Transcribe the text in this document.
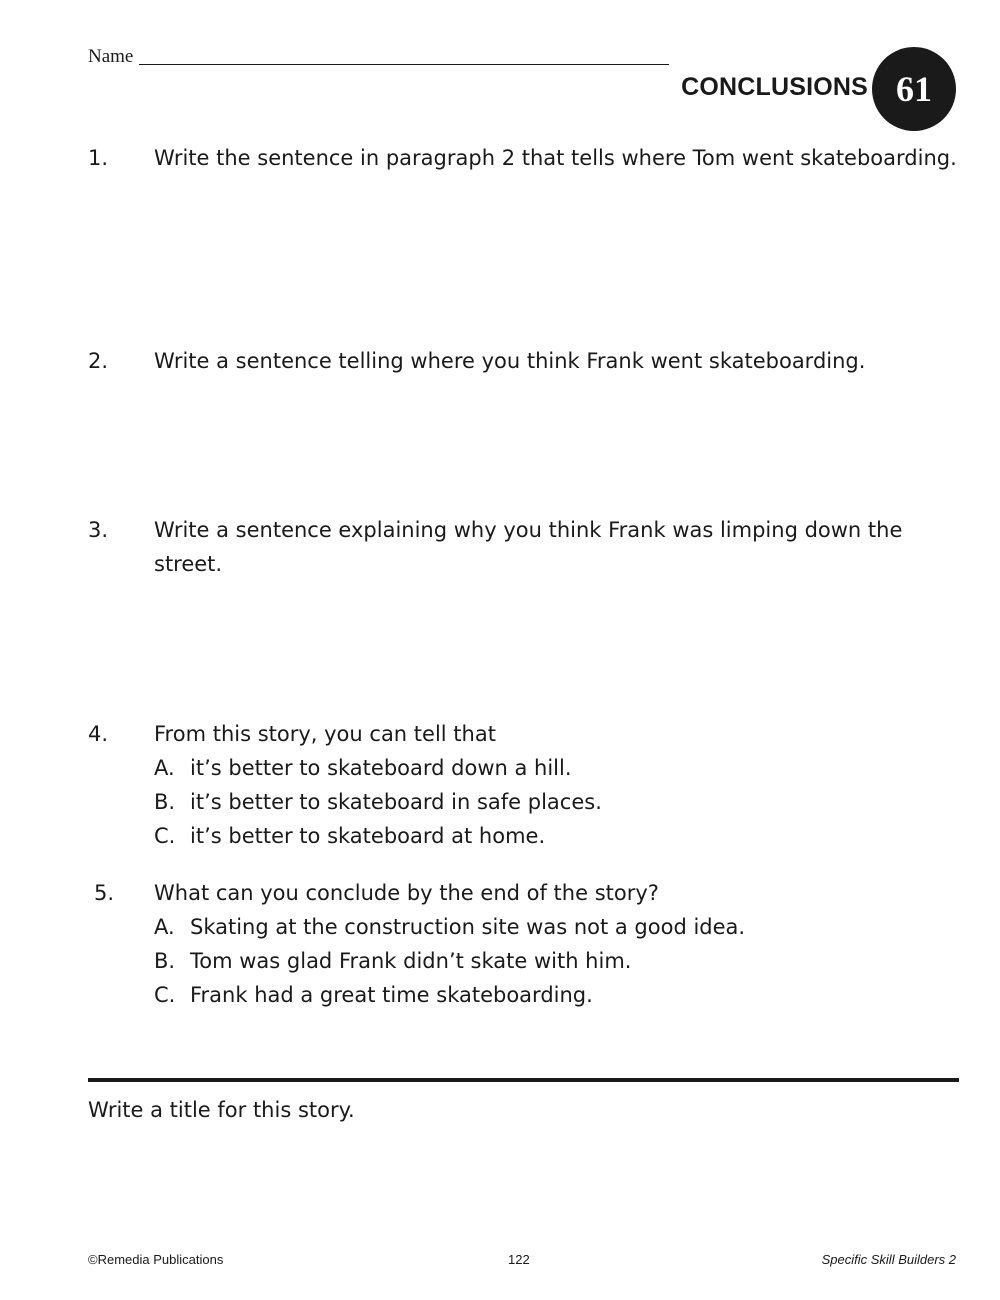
Name
CONCLUSIONS 61
1. Write the sentence in paragraph 2 that tells where Tom went skateboarding.
2. Write a sentence telling where you think Frank went skateboarding.
3. Write a sentence explaining why you think Frank was limping down the street.
4. From this story, you can tell that
A. it’s better to skateboard down a hill.
B. it’s better to skateboard in safe places.
C. it’s better to skateboard at home.
5. What can you conclude by the end of the story?
A. Skating at the construction site was not a good idea.
B. Tom was glad Frank didn’t skate with him.
C. Frank had a great time skateboarding.
Write a title for this story.
©Remedia Publications	122	Specific Skill Builders 2
